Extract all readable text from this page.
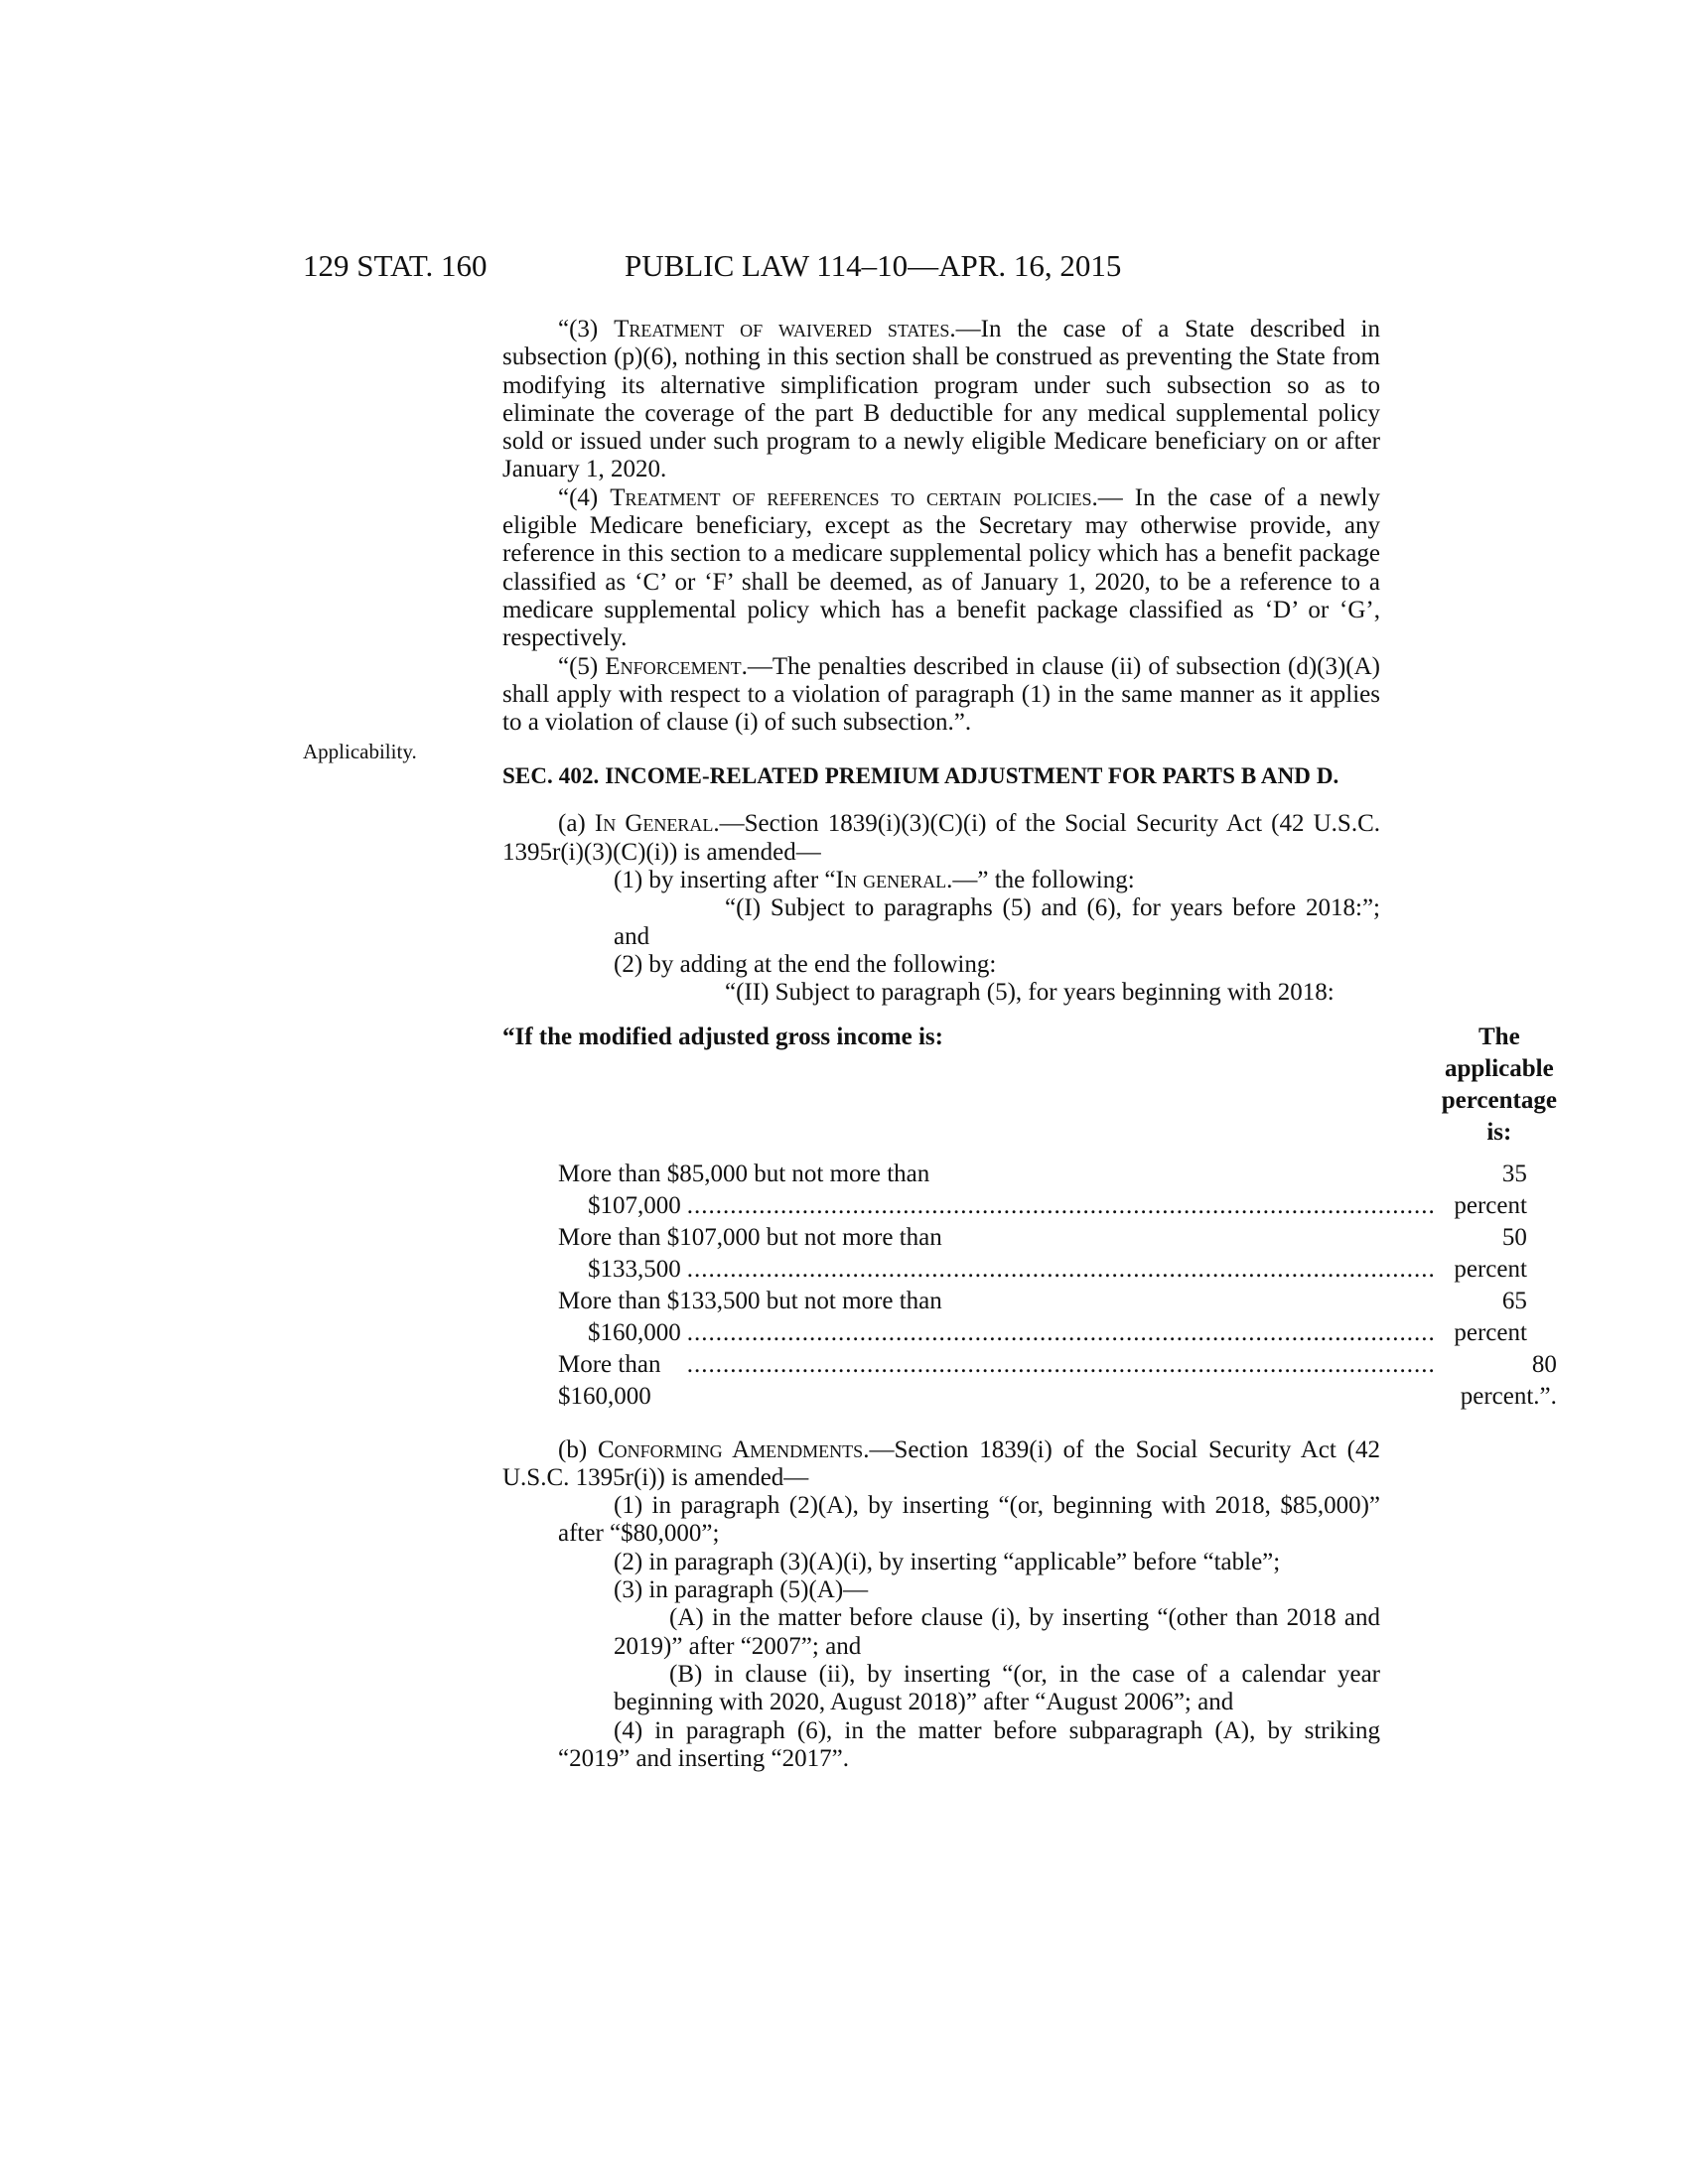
129 STAT. 160	PUBLIC LAW 114–10—APR. 16, 2015
Applicability.

“(3) Treatment of waivered states.—In the case of a State described in subsection (p)(6), nothing in this section shall be construed as preventing the State from modifying its alternative simplification program under such subsection so as to eliminate the coverage of the part B deductible for any medical supplemental policy sold or issued under such program to a newly eligible Medicare beneficiary on or after January 1, 2020.

“(4) Treatment of references to certain policies.— In the case of a newly eligible Medicare beneficiary, except as the Secretary may otherwise provide, any reference in this section to a medicare supplemental policy which has a benefit package classified as ‘C’ or ‘F’ shall be deemed, as of January 1, 2020, to be a reference to a medicare supplemental policy which has a benefit package classified as ‘D’ or ‘G’, respectively.

“(5) Enforcement.—The penalties described in clause (ii) of subsection (d)(3)(A) shall apply with respect to a violation of paragraph (1) in the same manner as it applies to a violation of clause (i) of such subsection.”.

SEC. 402. INCOME-RELATED PREMIUM ADJUSTMENT FOR PARTS B AND D.

(a) In General.—Section 1839(i)(3)(C)(i) of the Social Security Act (42 U.S.C. 1395r(i)(3)(C)(i)) is amended—

(1) by inserting after “In general.—” the following:

“(I) Subject to paragraphs (5) and (6), for years before 2018:”; and

(2) by adding at the end the following:

“(II) Subject to paragraph (5), for years beginning with 2018:

“If the modified adjusted gross income is:	The applicable percentage is:

More than $85,000 but not more than
$107,000 ........................................................................................................	35 percent
More than $107,000 but not more than
$133,500 ........................................................................................................	50 percent
More than $133,500 but not more than
$160,000 ........................................................................................................	65 percent

More than $160,000
........................................................................................................	80 percent.”.

(b) Conforming Amendments.—Section 1839(i) of the Social Security Act (42 U.S.C. 1395r(i)) is amended—

(1) in paragraph (2)(A), by inserting “(or, beginning with 2018, $85,000)” after “$80,000”;

(2) in paragraph (3)(A)(i), by inserting “applicable” before “table”;

(3) in paragraph (5)(A)—

(A) in the matter before clause (i), by inserting “(other than 2018 and 2019)” after “2007”; and

(B) in clause (ii), by inserting “(or, in the case of a calendar year beginning with 2020, August 2018)” after “August 2006”; and

(4) in paragraph (6), in the matter before subparagraph (A), by striking “2019” and inserting “2017”.
